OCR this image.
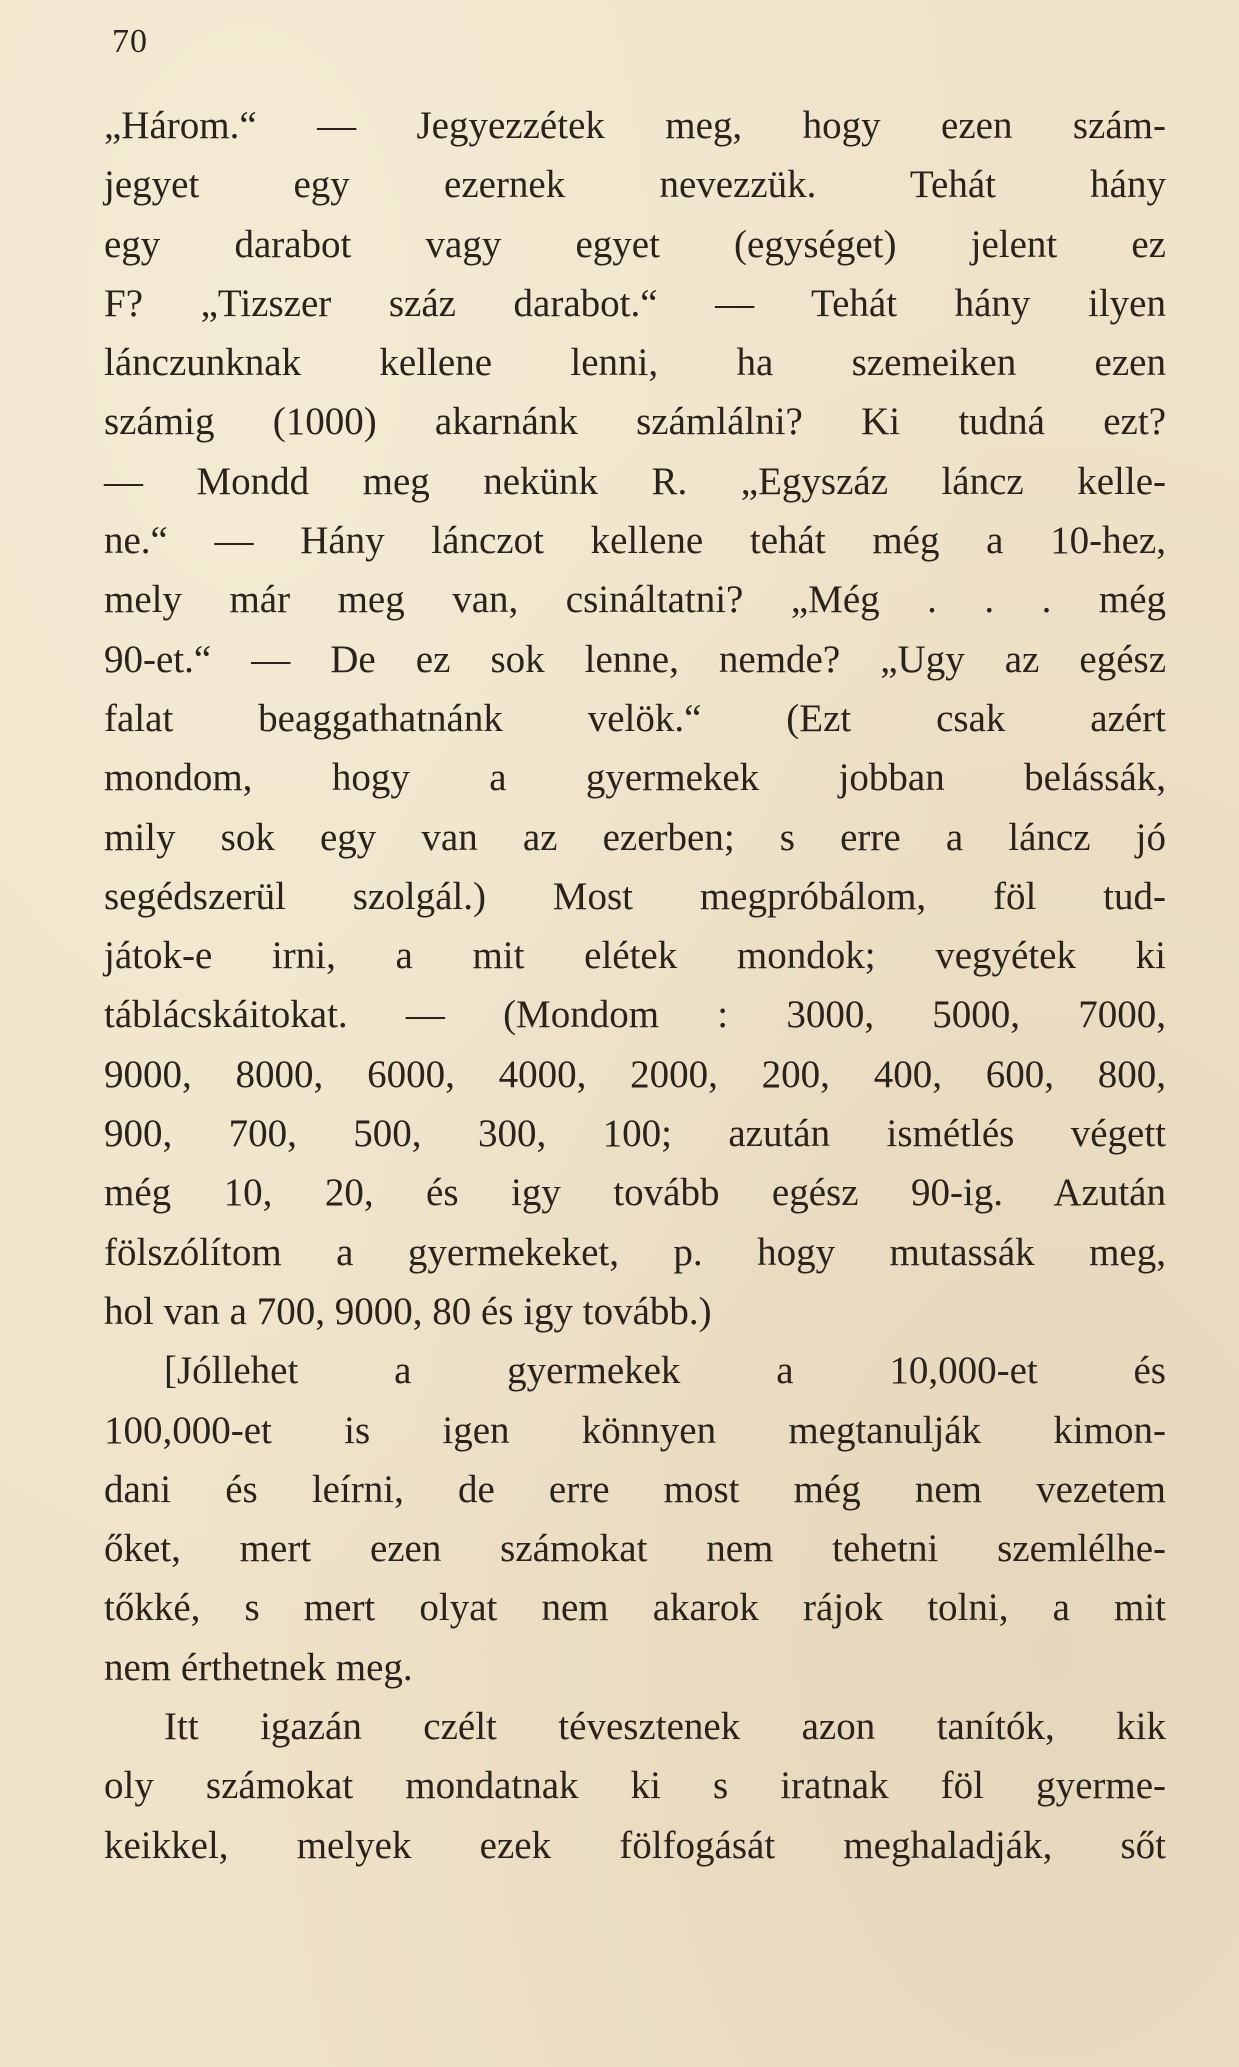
70
„Három.“ — Jegyezzétek meg, hogy ezen szám-
jegyet egy ezernek nevezzük. Tehát hány
egy darabot vagy egyet (egységet) jelent ez
F? „Tizszer száz darabot.“ — Tehát hány ilyen
lánczunknak kellene lenni, ha szemeiken ezen
számig (1000) akarnánk számlálni? Ki tudná ezt?
— Mondd meg nekünk R. „Egyszáz láncz kelle-
ne.“ — Hány lánczot kellene tehát még a 10-hez,
mely már meg van, csináltatni? „Még . . . még
90-et.“ — De ez sok lenne, nemde? „Ugy az egész
falat beaggathatnánk velök.“ (Ezt csak azért
mondom, hogy a gyermekek jobban belássák,
mily sok egy van az ezerben; s erre a láncz jó
segédszerül szolgál.) Most megpróbálom, föl tud-
játok-e irni, a mit elétek mondok; vegyétek ki
táblácskáitokat. — (Mondom : 3000, 5000, 7000,
9000, 8000, 6000, 4000, 2000, 200, 400, 600, 800,
900, 700, 500, 300, 100; azután ismétlés végett
még 10, 20, és igy tovább egész 90-ig. Azután
fölszólítom a gyermekeket, p. hogy mutassák meg,
hol van a 700, 9000, 80 és igy tovább.)
[Jóllehet a gyermekek a 10,000-et és
100,000-et is igen könnyen megtanulják kimon-
dani és leírni, de erre most még nem vezetem
őket, mert ezen számokat nem tehetni szemlélhe-
tőkké, s mert olyat nem akarok rájok tolni, a mit
nem érthetnek meg.
Itt igazán czélt tévesztenek azon tanítók, kik
oly számokat mondatnak ki s iratnak föl gyerme-
keikkel, melyek ezek fölfogását meghaladják, sőt
